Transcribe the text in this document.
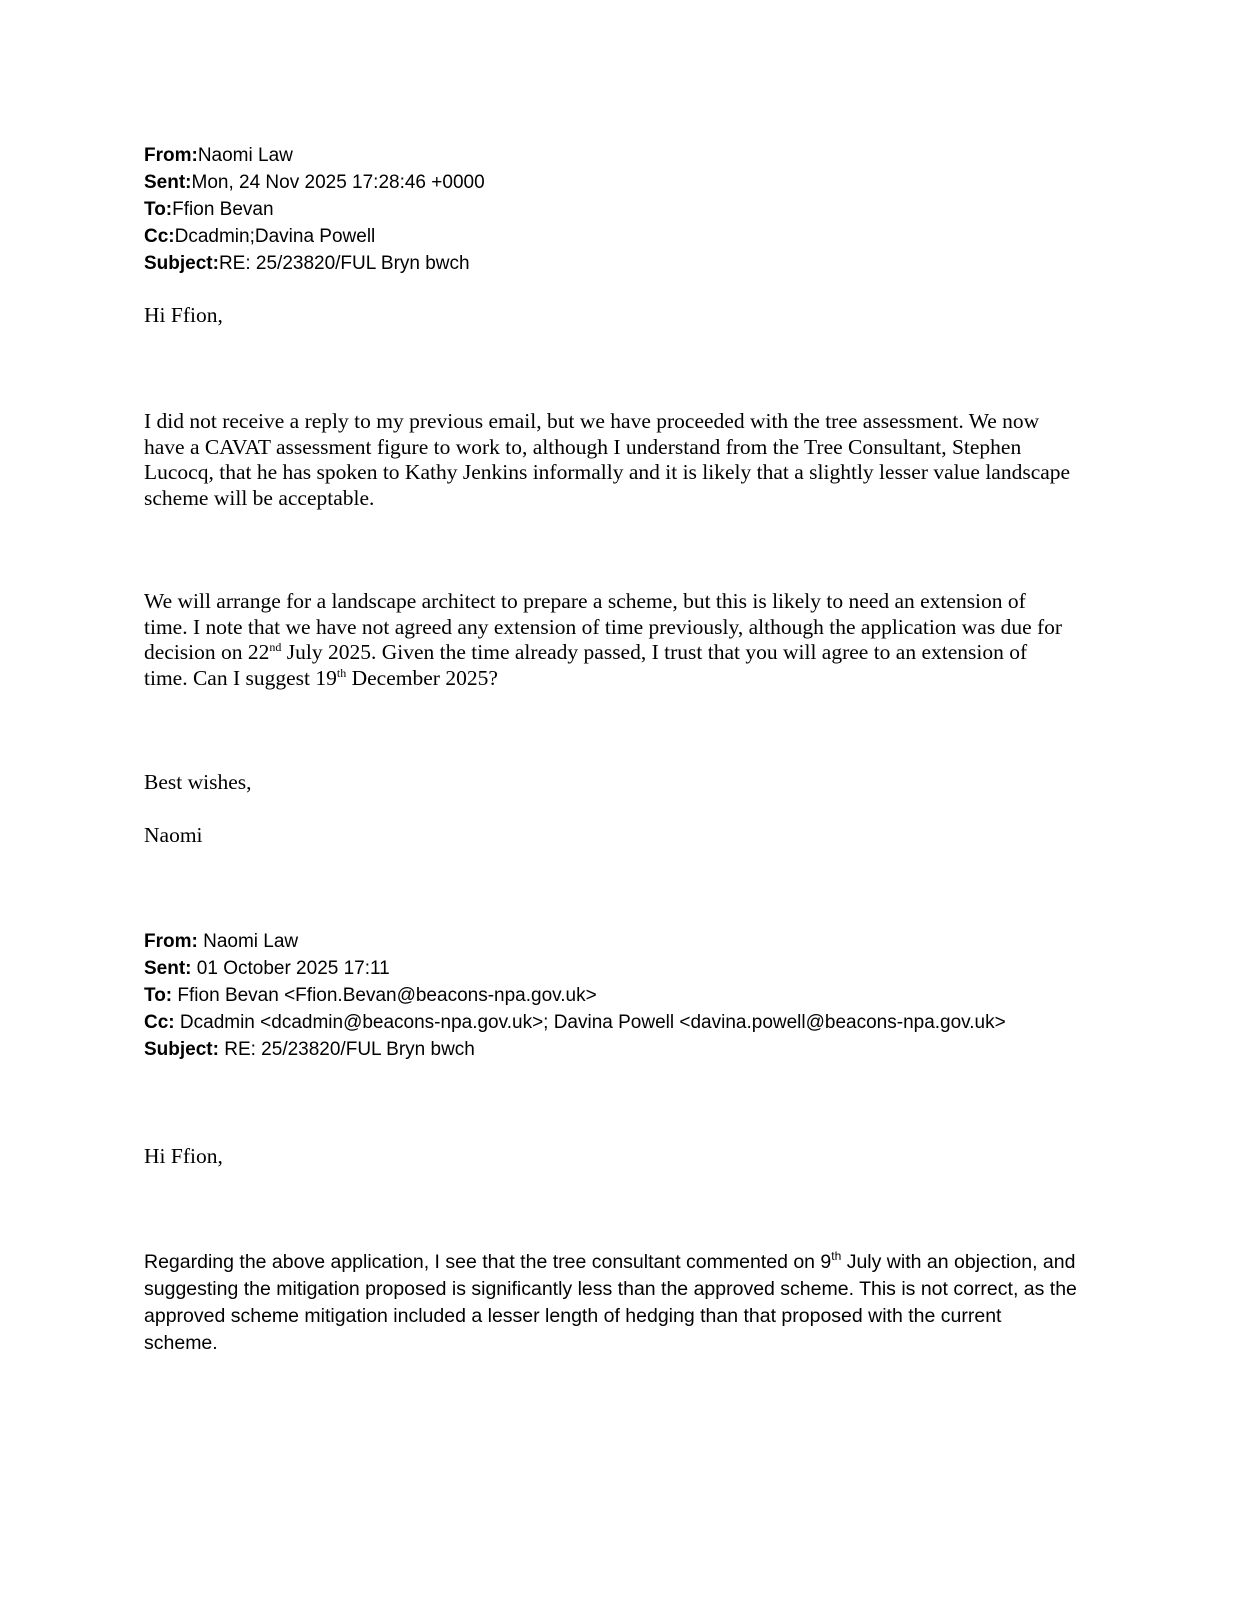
From:Naomi Law
Sent:Mon, 24 Nov 2025 17:28:46 +0000
To:Ffion Bevan
Cc:Dcadmin;Davina Powell
Subject:RE: 25/23820/FUL Bryn bwch

Hi Ffion,

I did not receive a reply to my previous email, but we have proceeded with the tree assessment. We now have a CAVAT assessment figure to work to, although I understand from the Tree Consultant, Stephen Lucocq, that he has spoken to Kathy Jenkins informally and it is likely that a slightly lesser value landscape scheme will be acceptable.

We will arrange for a landscape architect to prepare a scheme, but this is likely to need an extension of time. I note that we have not agreed any extension of time previously, although the application was due for decision on 22nd July 2025. Given the time already passed, I trust that you will agree to an extension of time. Can I suggest 19th December 2025?

Best wishes,

Naomi

From: Naomi Law
Sent: 01 October 2025 17:11
To: Ffion Bevan <Ffion.Bevan@beacons-npa.gov.uk>
Cc: Dcadmin <dcadmin@beacons-npa.gov.uk>; Davina Powell <davina.powell@beacons-npa.gov.uk>
Subject: RE: 25/23820/FUL Bryn bwch

Hi Ffion,

Regarding the above application, I see that the tree consultant commented on 9th July with an objection, and suggesting the mitigation proposed is significantly less than the approved scheme. This is not correct, as the approved scheme mitigation included a lesser length of hedging than that proposed with the current scheme.
